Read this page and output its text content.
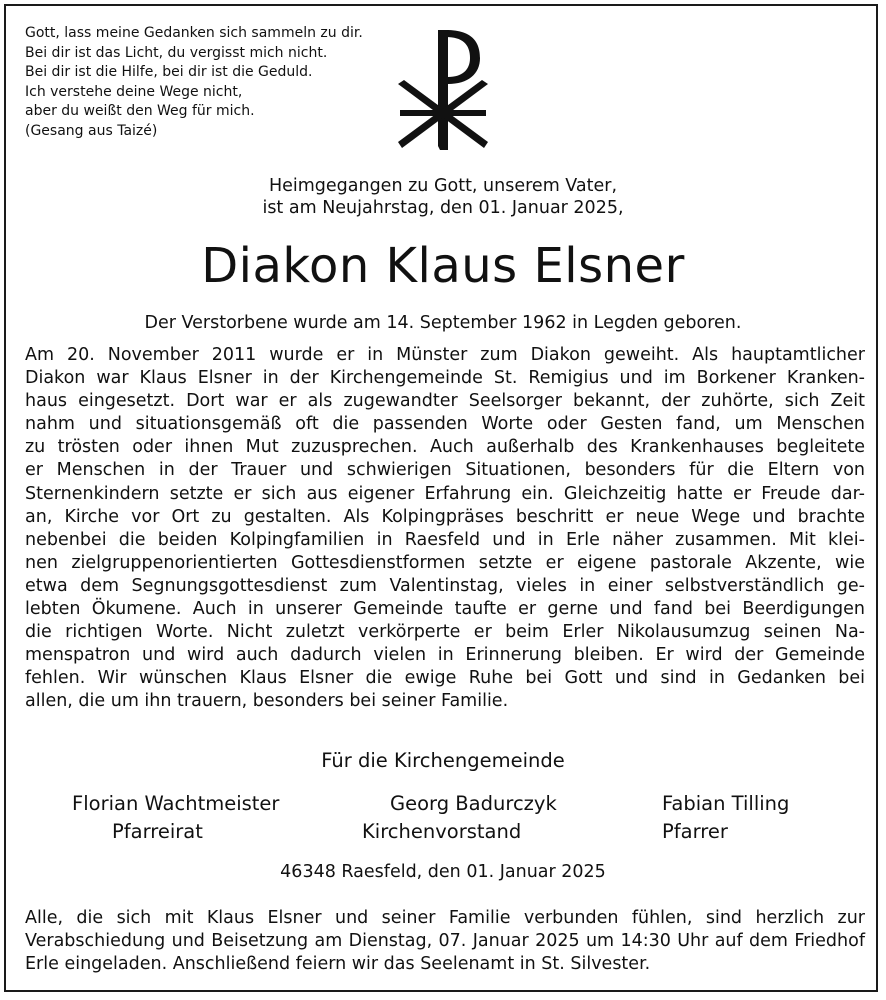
Gott, lass meine Gedanken sich sammeln zu dir.
Bei dir ist das Licht, du vergisst mich nicht.
Bei dir ist die Hilfe, bei dir ist die Geduld.
Ich verstehe deine Wege nicht,
aber du weißt den Weg für mich.
(Gesang aus Taizé)
Heimgegangen zu Gott, unserem Vater,
ist am Neujahrstag, den 01. Januar 2025,
Diakon Klaus Elsner
Der Verstorbene wurde am 14. September 1962 in Legden geboren.
Am 20. November 2011 wurde er in Münster zum Diakon geweiht. Als hauptamtlicher
Diakon war Klaus Elsner in der Kirchengemeinde St. Remigius und im Borkener Kranken-
haus eingesetzt. Dort war er als zugewandter Seelsorger bekannt, der zuhörte, sich Zeit
nahm und situationsgemäß oft die passenden Worte oder Gesten fand, um Menschen
zu trösten oder ihnen Mut zuzusprechen. Auch außerhalb des Krankenhauses begleitete
er Menschen in der Trauer und schwierigen Situationen, besonders für die Eltern von
Sternenkindern setzte er sich aus eigener Erfahrung ein. Gleichzeitig hatte er Freude dar-
an, Kirche vor Ort zu gestalten. Als Kolpingpräses beschritt er neue Wege und brachte
nebenbei die beiden Kolpingfamilien in Raesfeld und in Erle näher zusammen. Mit klei-
nen zielgruppenorientierten Gottesdienstformen setzte er eigene pastorale Akzente, wie
etwa dem Segnungsgottesdienst zum Valentinstag, vieles in einer selbstverständlich ge-
lebten Ökumene. Auch in unserer Gemeinde taufte er gerne und fand bei Beerdigungen
die richtigen Worte. Nicht zuletzt verkörperte er beim Erler Nikolausumzug seinen Na-
menspatron und wird auch dadurch vielen in Erinnerung bleiben. Er wird der Gemeinde
fehlen. Wir wünschen Klaus Elsner die ewige Ruhe bei Gott und sind in Gedanken bei
allen, die um ihn trauern, besonders bei seiner Familie.
Für die Kirchengemeinde
Florian Wachtmeister
Pfarreirat
Georg Badurczyk
Kirchenvorstand
Fabian Tilling
Pfarrer
46348 Raesfeld, den 01. Januar 2025
Alle, die sich mit Klaus Elsner und seiner Familie verbunden fühlen, sind herzlich zur
Verabschiedung und Beisetzung am Dienstag, 07. Januar 2025 um 14:30 Uhr auf dem Friedhof
Erle eingeladen. Anschließend feiern wir das Seelenamt in St. Silvester.
